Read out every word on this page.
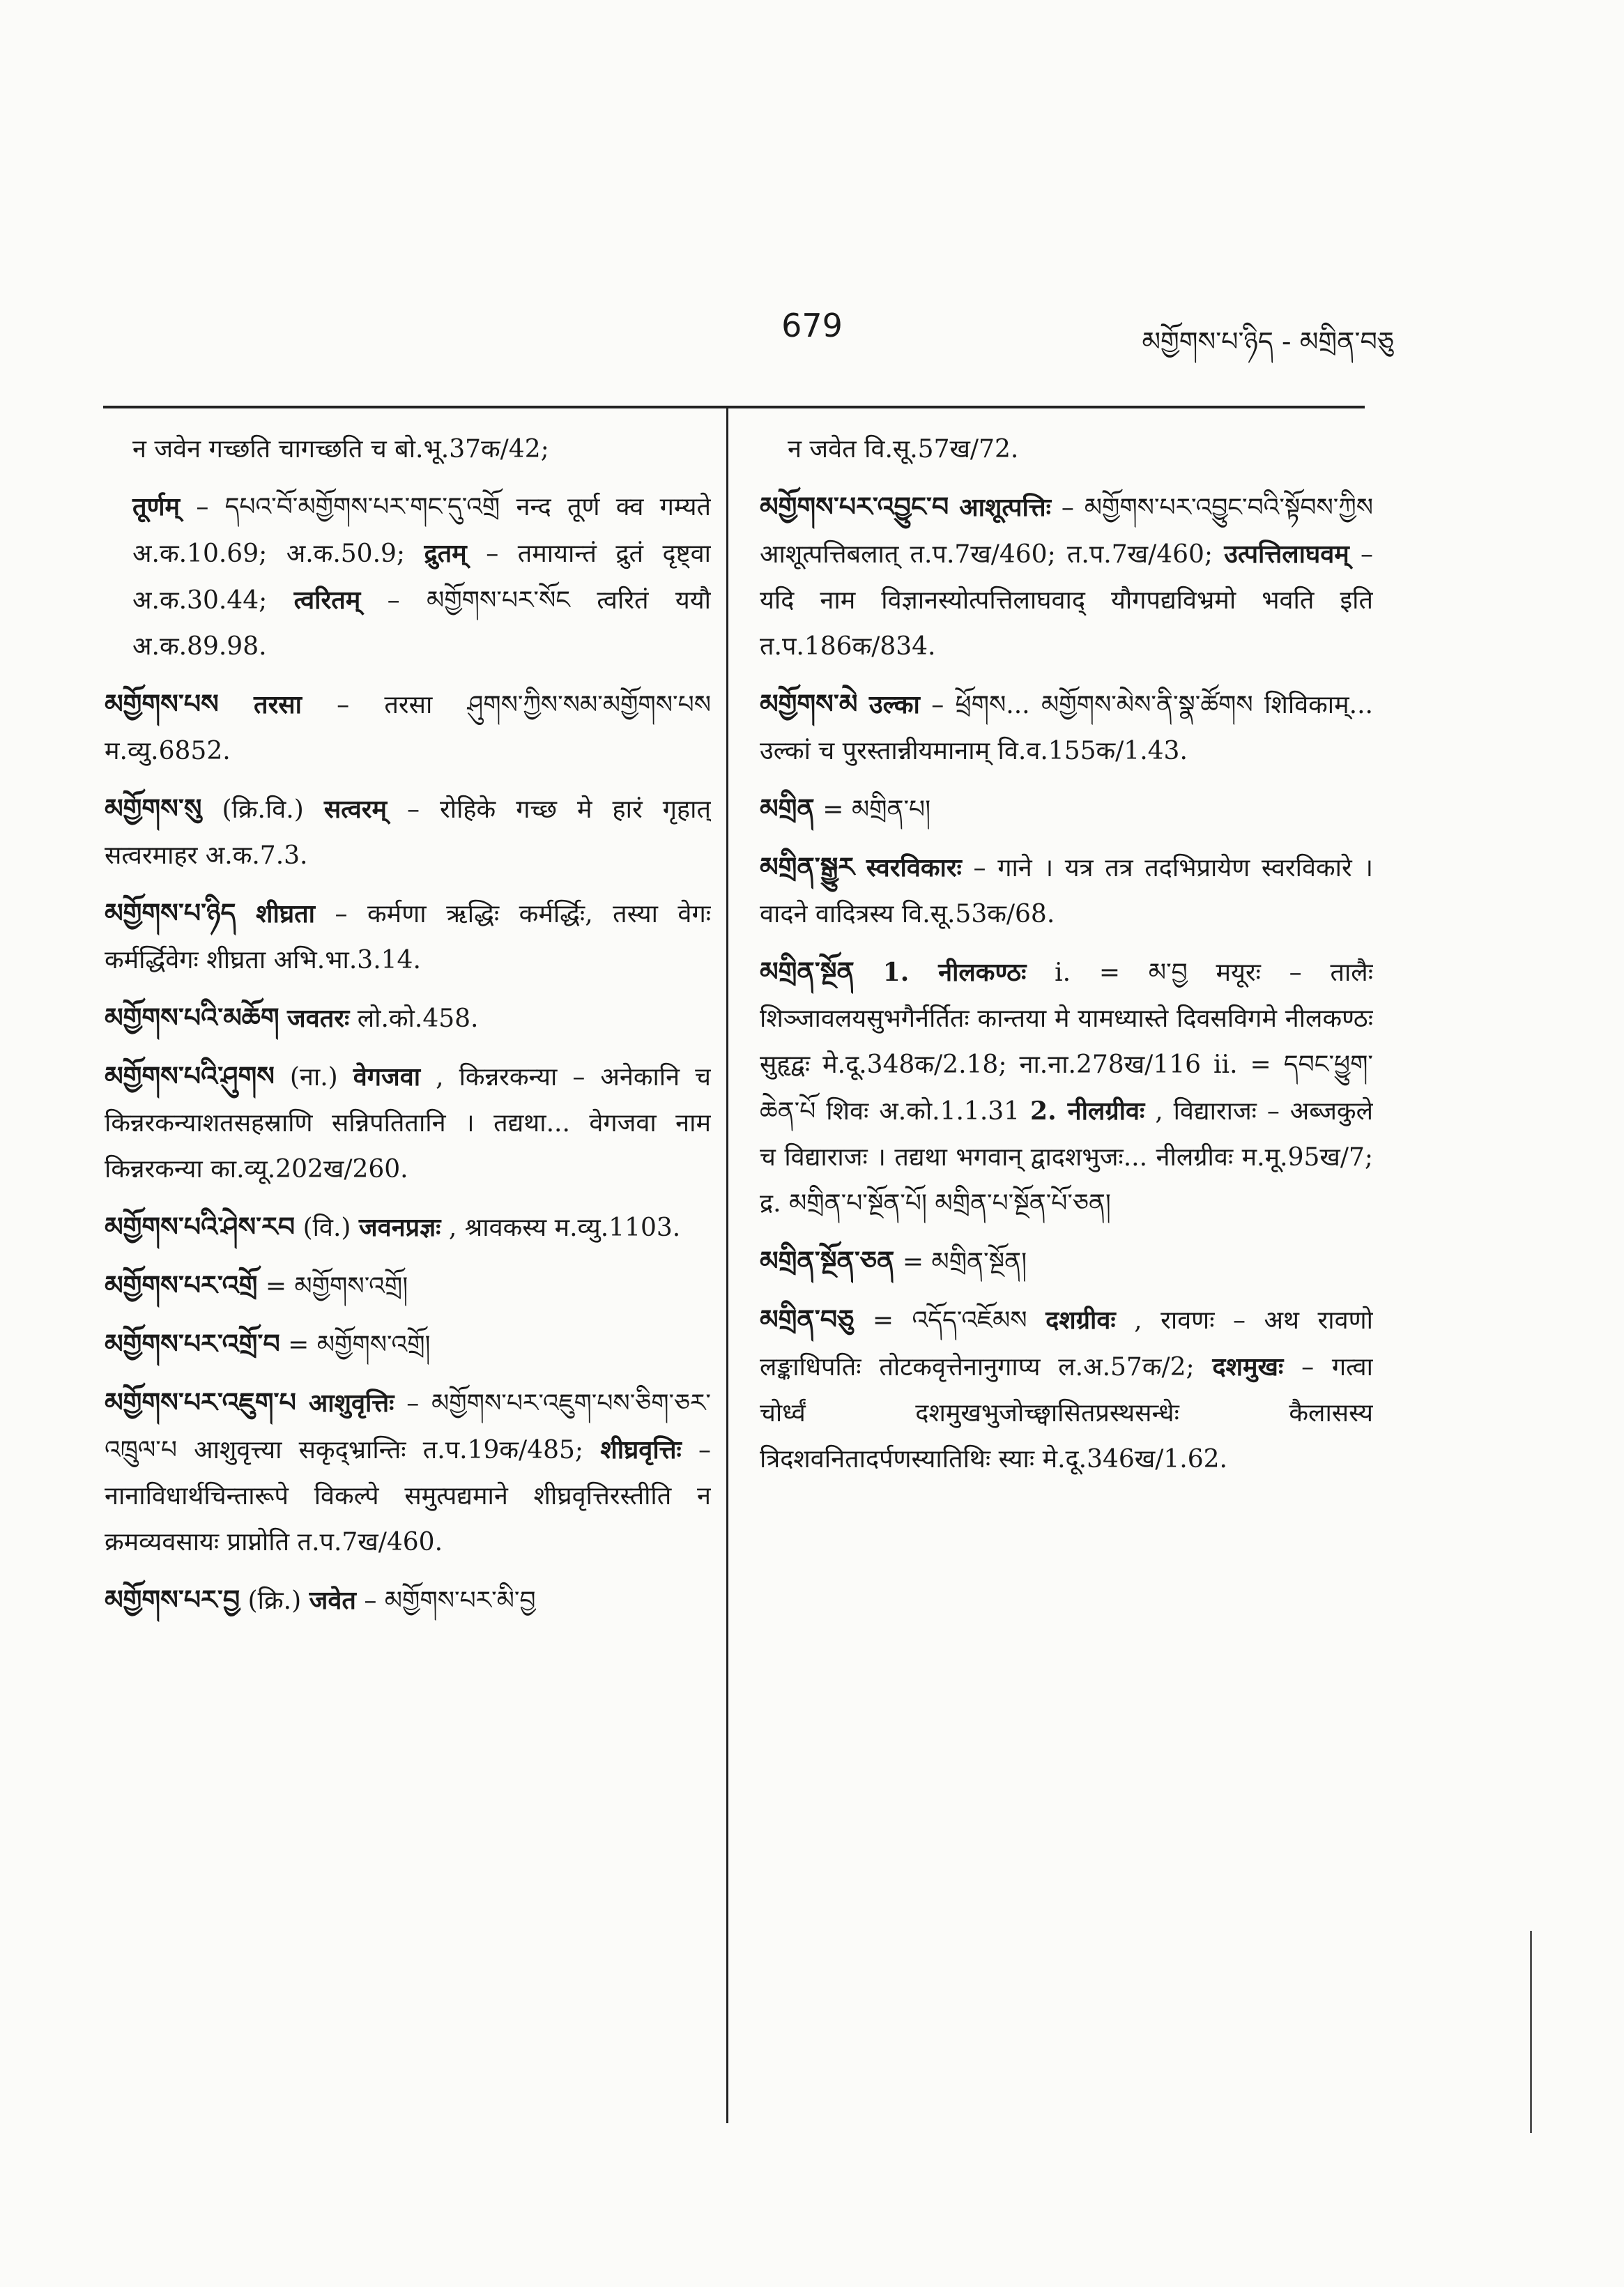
679	མགྱོགས་པ་ཉིད - མགྲིན་བཅུ

न जवेन गच्छति चागच्छति च बो.भू.37क/42;

तूर्णम् – དཔའ་བོ་མགྱོགས་པར་གང་དུ་འགྲོ नन्द तूर्ण क्व गम्यते अ.क.10.69; अ.क.50.9; द्रुतम् – तमायान्तं द्रुतं दृष्ट्वा अ.क.30.44; त्वरितम् – མགྱོགས་པར་སོང त्वरितं ययौ अ.क.89.98.

མགྱོགས་པས तरसा – तरसा ཤུགས་ཀྱིས་སམ་མགྱོགས་པས म.व्यु.6852.

མགྱོགས་སུ (क्रि.वि.) सत्वरम् – रोहिके गच्छ मे हारं गृहात् सत्वरमाहर अ.क.7.3.

མགྱོགས་པ་ཉིད शीघ्रता – कर्मणा ऋद्धिः कर्मर्द्धिः, तस्या वेगः कर्मर्द्धिवेगः शीघ्रता अभि.भा.3.14.

མགྱོགས་པའི་མཆོག जवतरः लो.को.458.

མགྱོགས་པའི་ཤུགས (ना.) वेगजवा , किन्नरकन्या – अनेकानि च किन्नरकन्याशतसहस्राणि सन्निपतितानि । तद्यथा... वेगजवा नाम किन्नरकन्या का.व्यू.202ख/260.

མགྱོགས་པའི་ཤེས་རབ (वि.) जवनप्रज्ञः , श्रावकस्य म.व्यु.1103.

མགྱོགས་པར་འགྲོ = མགྱོགས་འགྲོ།

མགྱོགས་པར་འགྲོ་བ = མགྱོགས་འགྲོ།

མགྱོགས་པར་འཇུག་པ आशुवृत्तिः – མགྱོགས་པར་འཇུག་པས་ཅིག་ཅར་འཁྲུལ་པ आशुवृत्त्या सकृद्भ्रान्तिः त.प.19क/485; शीघ्रवृत्तिः – नानाविधार्थचिन्तारूपे विकल्पे समुत्पद्यमाने शीघ्रवृत्तिरस्तीति न क्रमव्यवसायः प्राप्नोति त.प.7ख/460.

མགྱོགས་པར་བྱ (क्रि.) जवेत – མགྱོགས་པར་མི་བྱ

न जवेत वि.सू.57ख/72.

མགྱོགས་པར་འབྱུང་བ आशूत्पत्तिः – མགྱོགས་པར་འབྱུང་བའི་སྟོབས་ཀྱིས आशूत्पत्तिबलात् त.प.7ख/460; त.प.7ख/460; उत्पत्तिलाघवम् – यदि नाम विज्ञानस्योत्पत्तिलाघवाद् यौगपद्यविभ्रमो भवति इति त.प.186क/834.

མགྱོགས་མེ उल्का – ཕྲོགས... མགྱོགས་མེས་ནི་སྣ་ཚོགས शिविकाम्... उल्कां च पुरस्तान्नीयमानाम् वि.व.155क/1.43.

མགྲིན = མགྲིན་པ།

མགྲིན་སྒྱུར स्वरविकारः – गाने । यत्र तत्र तदभिप्रायेण स्वरविकारे । वादने वादित्रस्य वि.सू.53क/68.

མགྲིན་སྔོན 1. नीलकण्ठः i. = མ་བྱ मयूरः – तालैः शिञ्जावलयसुभगैर्नर्तितः कान्तया मे यामध्यास्ते दिवसविगमे नीलकण्ठः सुहृद्वः मे.दू.348क/2.18; ना.ना.278ख/116 ii. = དབང་ཕྱུག་ཆེན་པོ शिवः अ.को.1.1.31 2. नीलग्रीवः , विद्याराजः – अब्जकुले च विद्याराजः । तद्यथा भगवान् द्वादशभुजः... नीलग्रीवः म.मू.95ख/7; द्र. མགྲིན་པ་སྔོན་པོ། མགྲིན་པ་སྔོན་པོ་ཅན།

མགྲིན་སྔོན་ཅན = མགྲིན་སྔོན།

མགྲིན་བཅུ = འདོད་འཇོམས दशग्रीवः , रावणः – अथ रावणो लङ्काधिपतिः तोटकवृत्तेनानुगाप्य ल.अ.57क/2; दशमुखः – गत्वा चोर्ध्वं दशमुखभुजोच्छ्वासितप्रस्थसन्धेः कैलासस्य त्रिदशवनितादर्पणस्यातिथिः स्याः मे.दू.346ख/1.62.
